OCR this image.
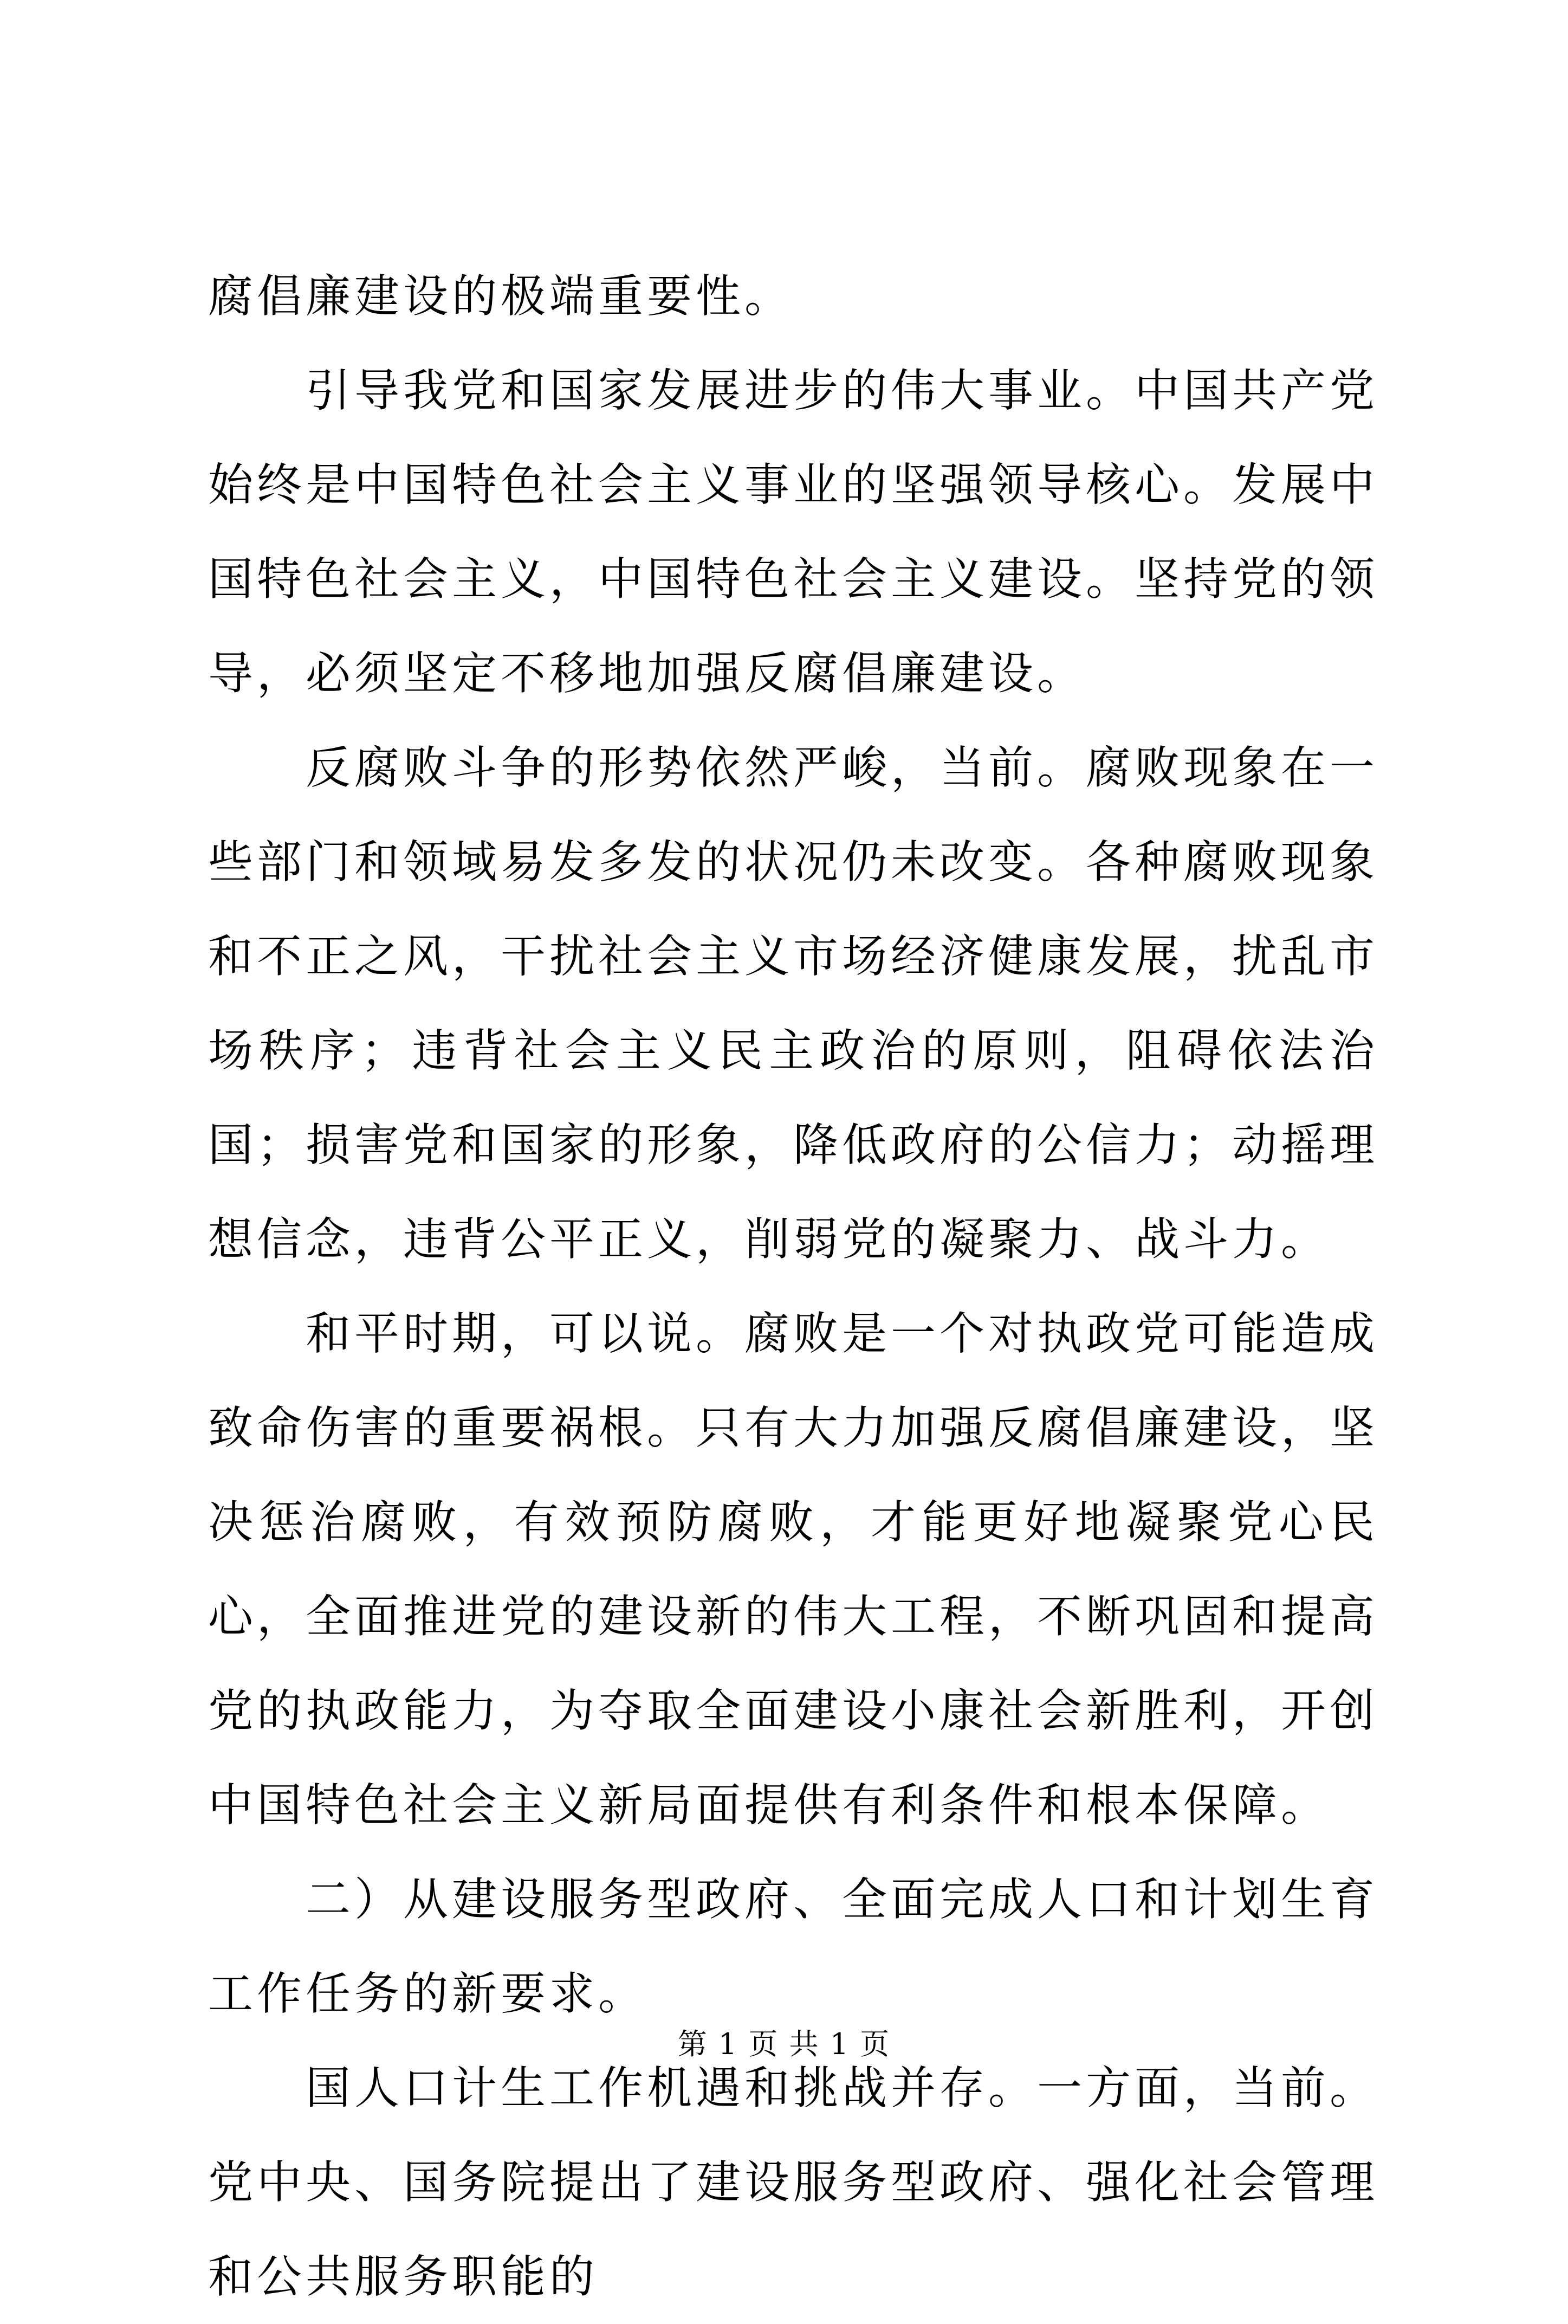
腐倡廉建设的极端重要性。

引导我党和国家发展进步的伟大事业。中国共产党始终是中国特色社会主义事业的坚强领导核心。发展中国特色社会主义，中国特色社会主义建设。坚持党的领导，必须坚定不移地加强反腐倡廉建设。

反腐败斗争的形势依然严峻，当前。腐败现象在一些部门和领域易发多发的状况仍未改变。各种腐败现象和不正之风，干扰社会主义市场经济健康发展，扰乱市场秩序；违背社会主义民主政治的原则，阻碍依法治国；损害党和国家的形象，降低政府的公信力；动摇理想信念，违背公平正义，削弱党的凝聚力、战斗力。

和平时期，可以说。腐败是一个对执政党可能造成致命伤害的重要祸根。只有大力加强反腐倡廉建设，坚决惩治腐败，有效预防腐败，才能更好地凝聚党心民心，全面推进党的建设新的伟大工程，不断巩固和提高党的执政能力，为夺取全面建设小康社会新胜利，开创中国特色社会主义新局面提供有利条件和根本保障。

二）从建设服务型政府、全面完成人口和计划生育工作任务的新要求。

国人口计生工作机遇和挑战并存。一方面，当前。党中央、国务院提出了建设服务型政府、强化社会管理和公共服务职能的

第 1 页 共 1 页
